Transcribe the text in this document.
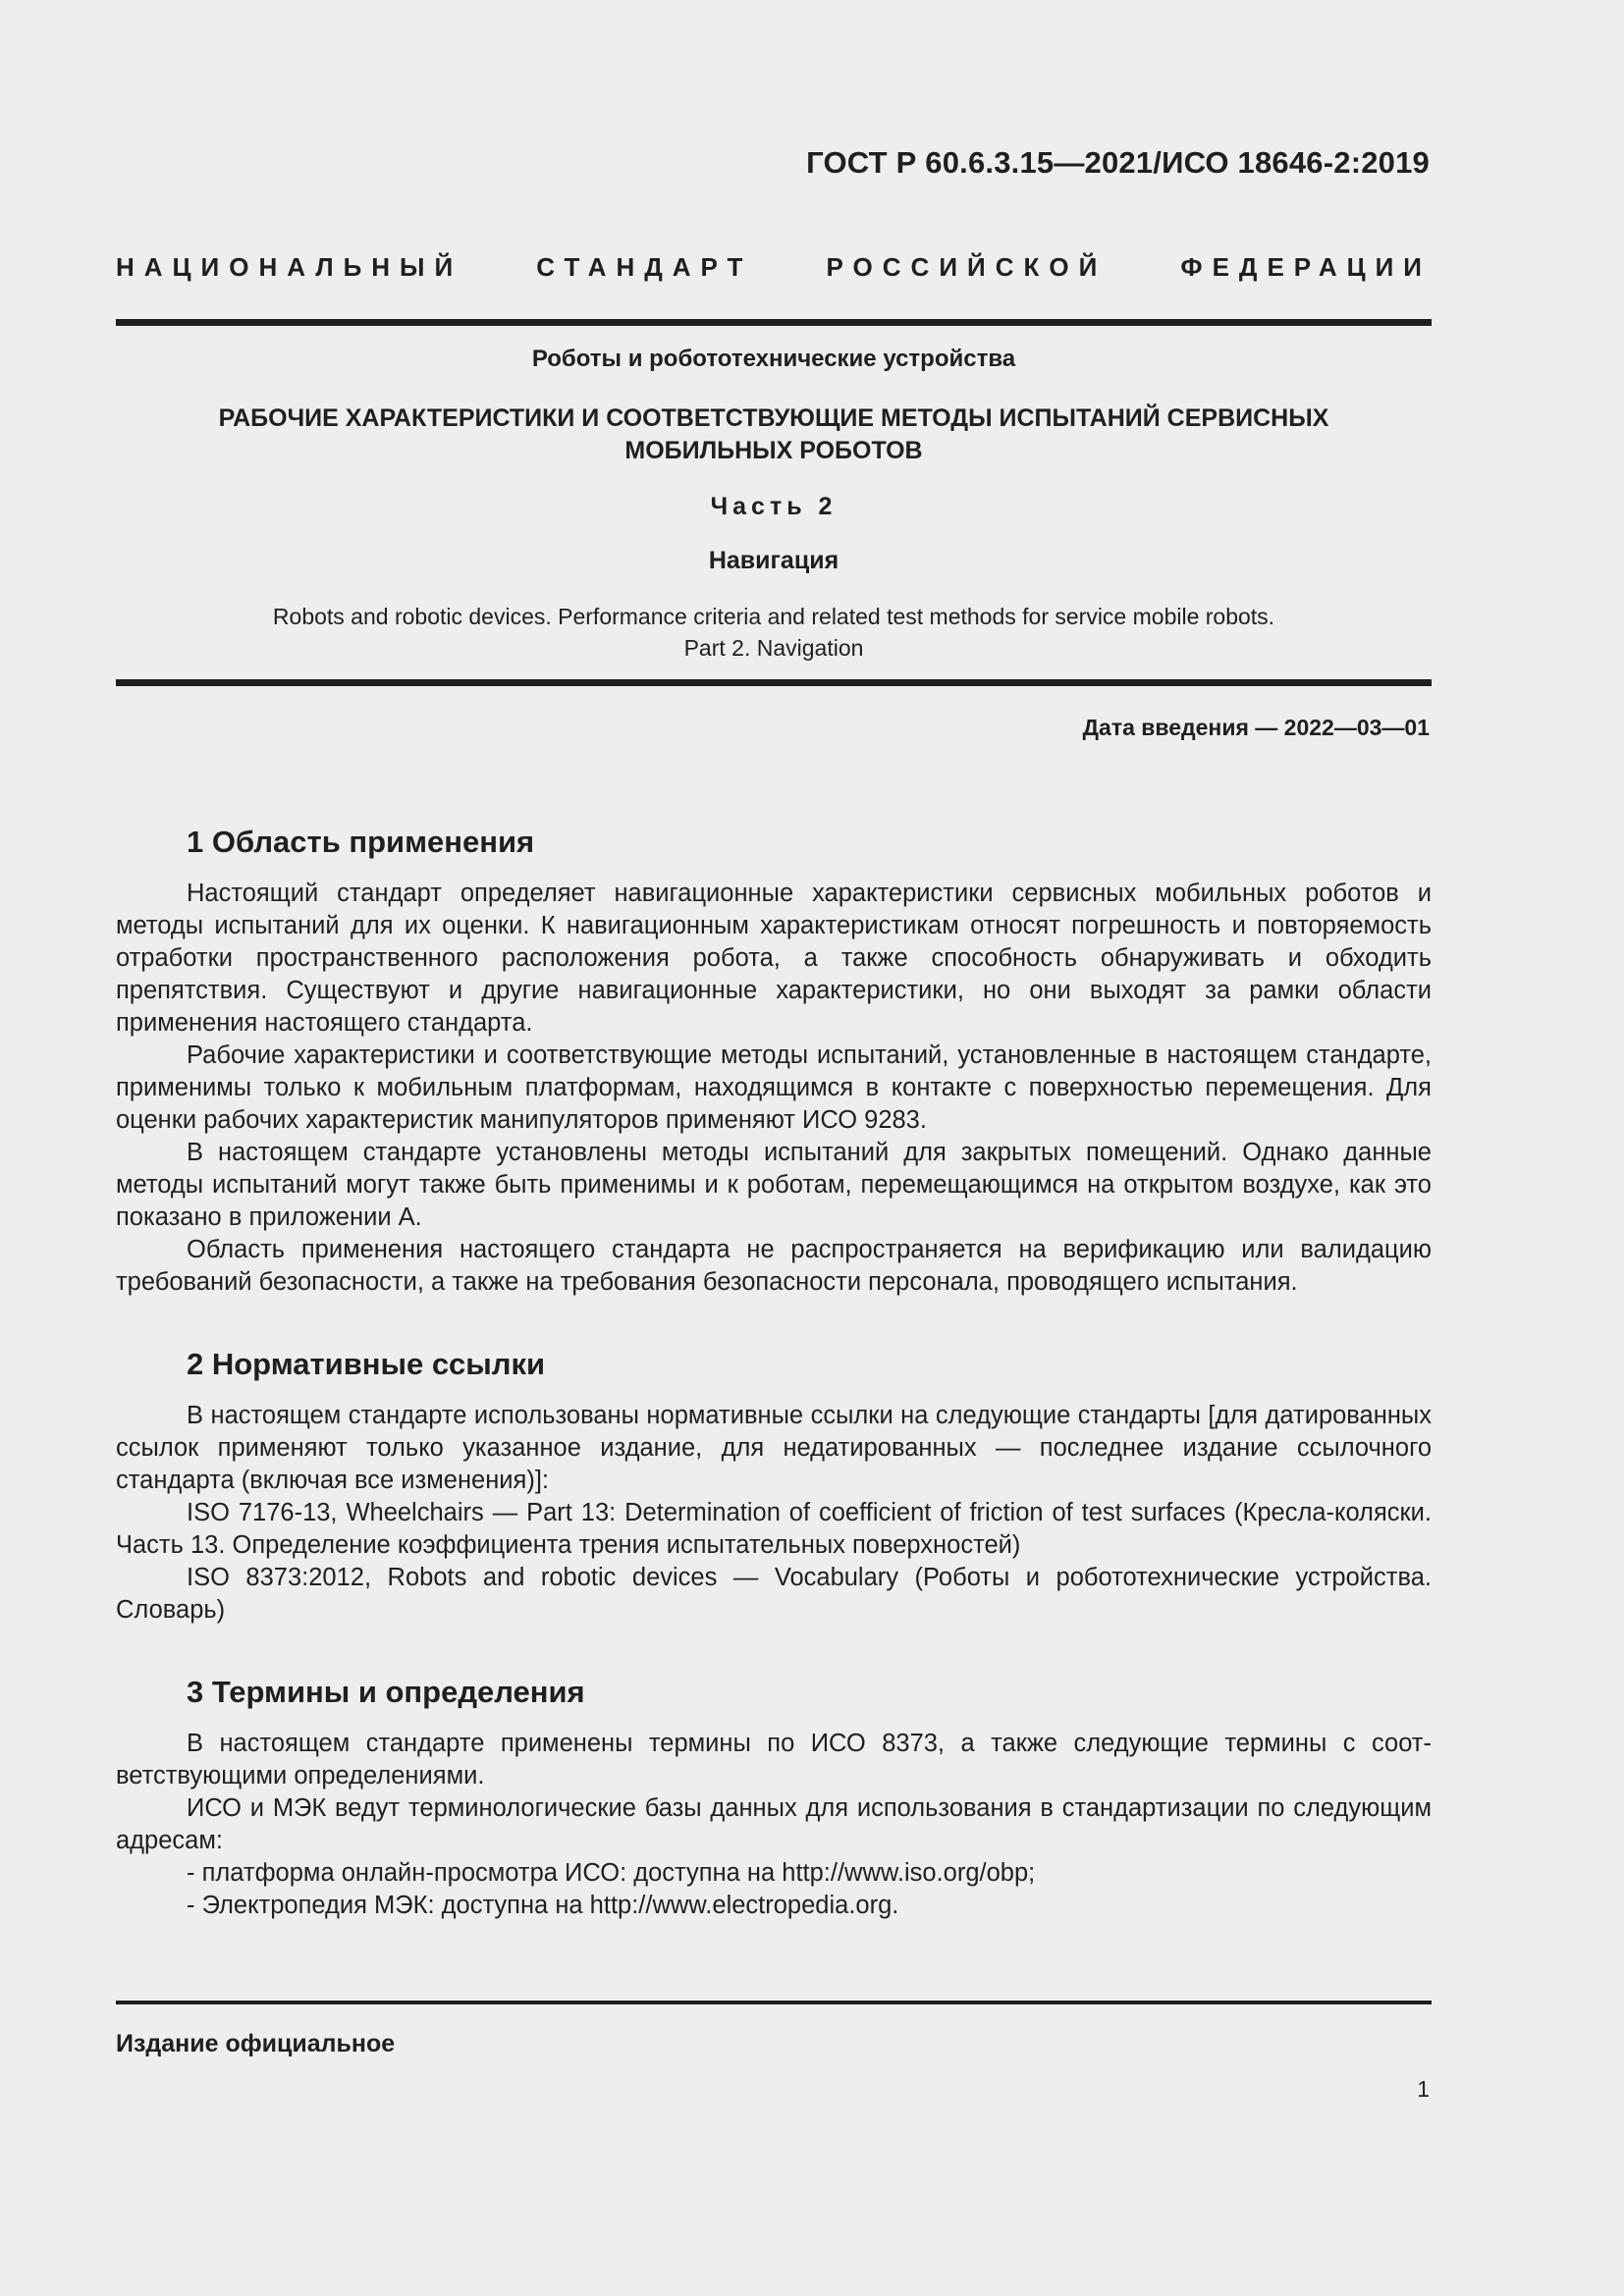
ГОСТ Р 60.6.3.15—2021/ИСО 18646-2:2019
НАЦИОНАЛЬНЫЙ СТАНДАРТ РОССИЙСКОЙ ФЕДЕРАЦИИ
Роботы и робототехнические устройства
РАБОЧИЕ ХАРАКТЕРИСТИКИ И СООТВЕТСТВУЮЩИЕ МЕТОДЫ ИСПЫТАНИЙ СЕРВИСНЫХ
МОБИЛЬНЫХ РОБОТОВ
Часть 2
Навигация
Robots and robotic devices. Performance criteria and related test methods for service mobile robots.
Part 2. Navigation
Дата введения — 2022—03—01
1 Область применения

Настоящий стандарт определяет навигационные характеристики сервисных мобильных роботов и методы испытаний для их оценки. К навигационным характеристикам относят погрешность и повторяемость отработки пространственного расположения робота, а также способность обнаруживать и обходить препятствия. Существуют и другие навигационные характеристики, но они выходят за рамки области применения настоящего стандарта.

Рабочие характеристики и соответствующие методы испытаний, установленные в настоящем стандарте, применимы только к мобильным платформам, находящимся в контакте с поверхностью перемещения. Для оценки рабочих характеристик манипуляторов применяют ИСО 9283.

В настоящем стандарте установлены методы испытаний для закрытых помещений. Однако данные методы испытаний могут также быть применимы и к роботам, перемещающимся на открытом воздухе, как это показано в приложении А.

Область применения настоящего стандарта не распространяется на верификацию или валидацию требований безопасности, а также на требования безопасности персонала, проводящего испытания.

2 Нормативные ссылки

В настоящем стандарте использованы нормативные ссылки на следующие стандарты [для датированных ссылок применяют только указанное издание, для недатированных — последнее издание ссылочного стандарта (включая все изменения)]:

ISO 7176-13, Wheelchairs — Part 13: Determination of coefficient of friction of test surfaces (Кресла-коляски. Часть 13. Определение коэффициента трения испытательных поверхностей)

ISO 8373:2012, Robots and robotic devices — Vocabulary (Роботы и робототехнические устройства. Словарь)

3 Термины и определения

В настоящем стандарте применены термины по ИСО 8373, а также следующие термины с соответствующими определениями.

ИСО и МЭК ведут терминологические базы данных для использования в стандартизации по следующим адресам:

- платформа онлайн-просмотра ИСО: доступна на http://www.iso.org/obp;

- Электропедия МЭК: доступна на http://www.electropedia.org.

Издание официальное
1
